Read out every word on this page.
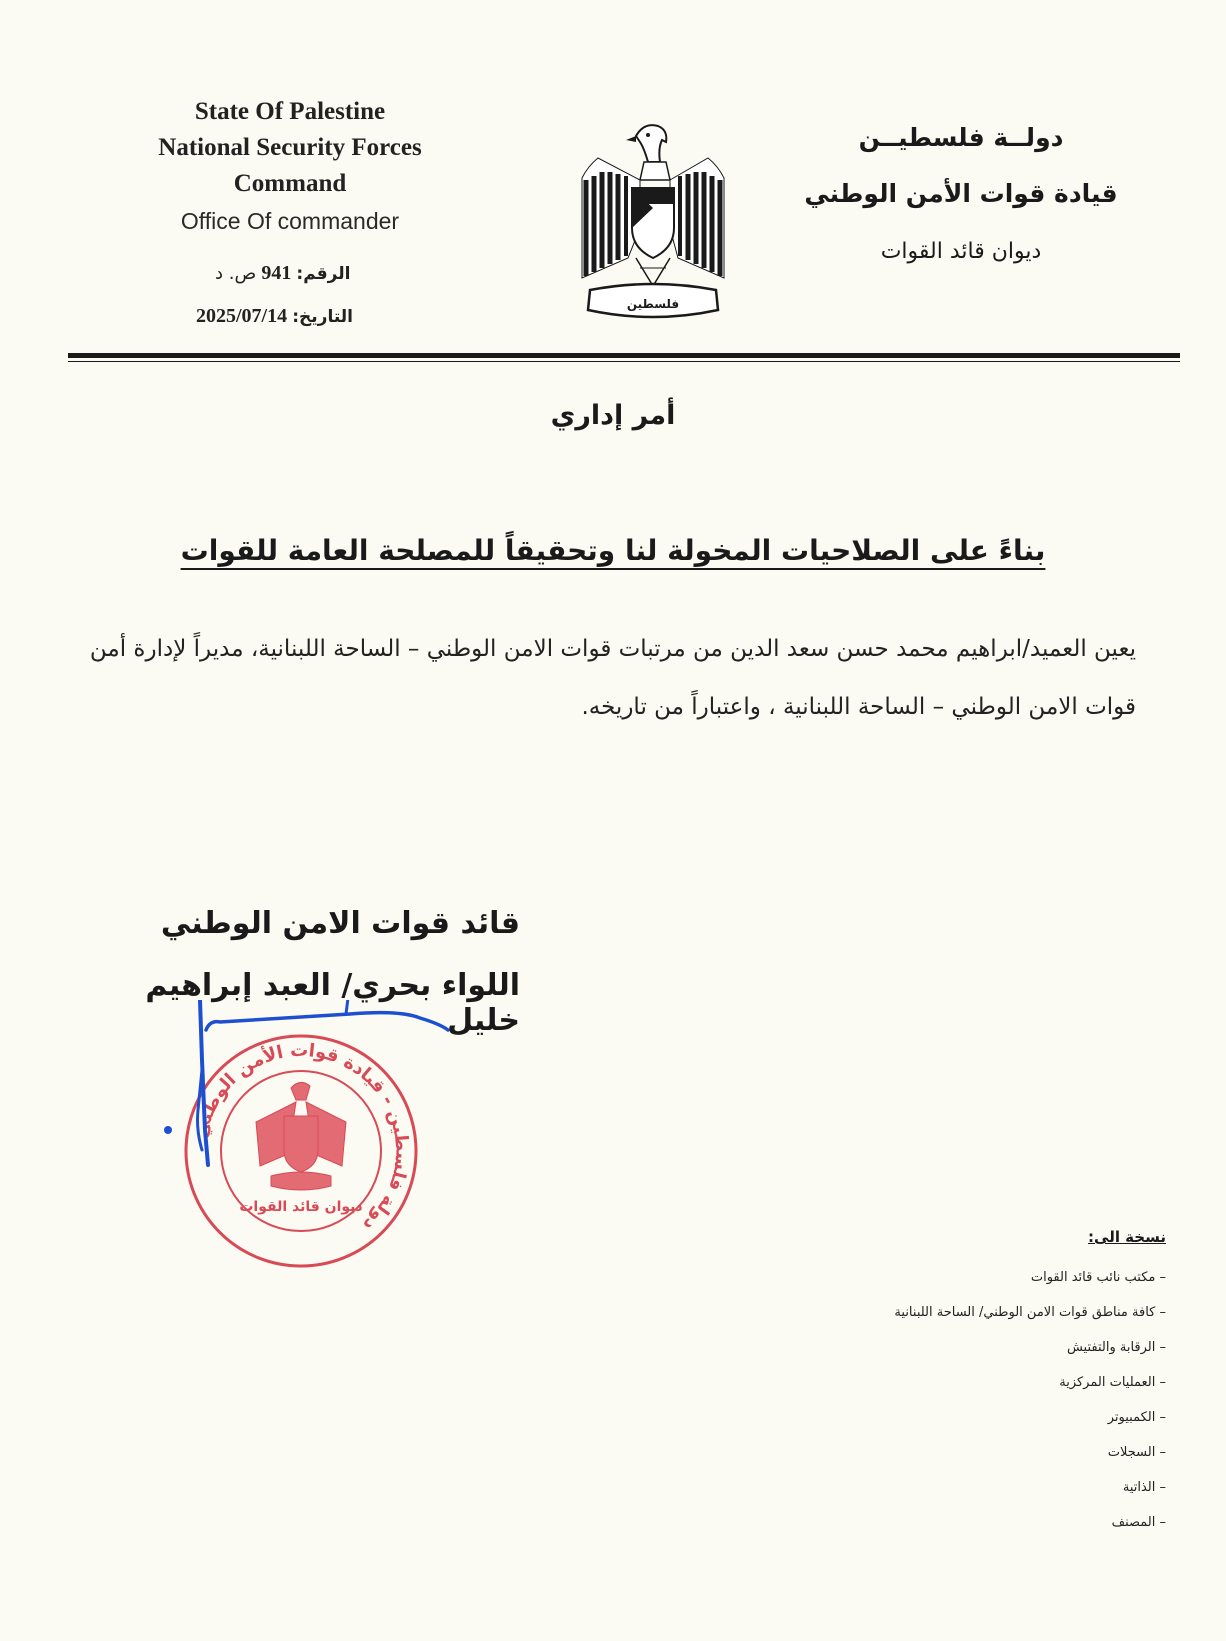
State Of Palestine
National Security Forces
Command
Office Of commander
الرقم: 941 ص. د
التاريخ: 2025/07/14
فلسطين
دولــة فلسطيــن
قيادة قوات الأمن الوطني
ديوان قائد القوات
أمر إداري
بناءً على الصلاحيات المخولة لنا وتحقيقاً للمصلحة العامة للقوات
يعين العميد/ابراهيم محمد حسن سعد الدين من مرتبات قوات الامن الوطني – الساحة اللبنانية، مديراً لإدارة أمن قوات الامن الوطني – الساحة اللبنانية ، واعتباراً من تاريخه.
قائد قوات الامن الوطني
اللواء بحري/ العبد إبراهيم خليل
دولة فلسطين - قيادة قوات الأمن الوطني
ديوان قائد القوات
نسخة الى:
– مكتب نائب قائد القوات
– كافة مناطق قوات الامن الوطني/ الساحة اللبنانية
– الرقابة والتفتيش
– العمليات المركزية
– الكمبيوتر
– السجلات
– الذاتية
– المصنف
